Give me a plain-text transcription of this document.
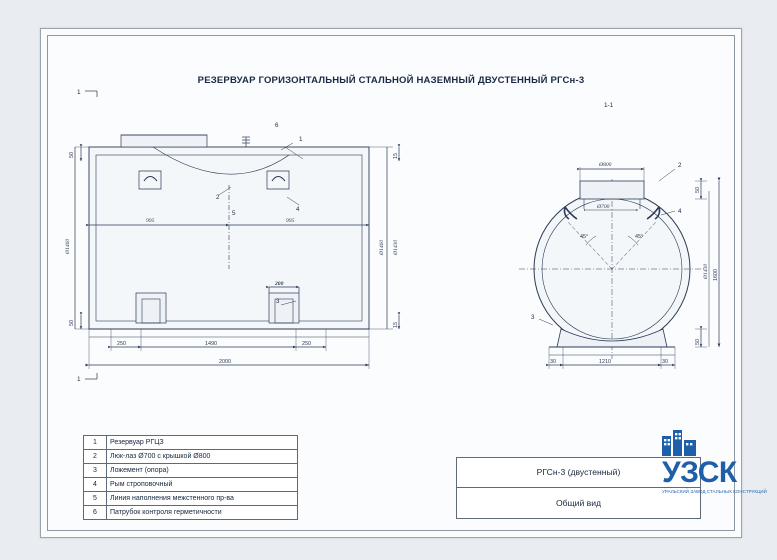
РЕЗЕРВУАР ГОРИЗОНТАЛЬНЫЙ СТАЛЬНОЙ НАЗЕМНЫЙ ДВУСТЕННЫЙ РГСн-3
1
1
2
3
4
5
6
50
50
15
15
Ø1460	Ø1460 Ø1430
995	995
250	1490	250
2000
200
1-1
1
2
3
4
Ø800
Ø700
50
50
Ø1430 1600
30	1210	30
45°	45°
1	Резервуар РГЦЗ
2	Люк-лаз Ø700 с крышкой Ø800
3	Ложемент (опора)
4	Рым строповочный
5	Линия наполнения межстенного пр-ва
6	Патрубок контроля герметичности
РГСн-3 (двустенный)
Общий вид
УЗСК
УРАЛЬСКИЙ ЗАВОД СТАЛЬНЫХ КОНСТРУКЦИЙ
